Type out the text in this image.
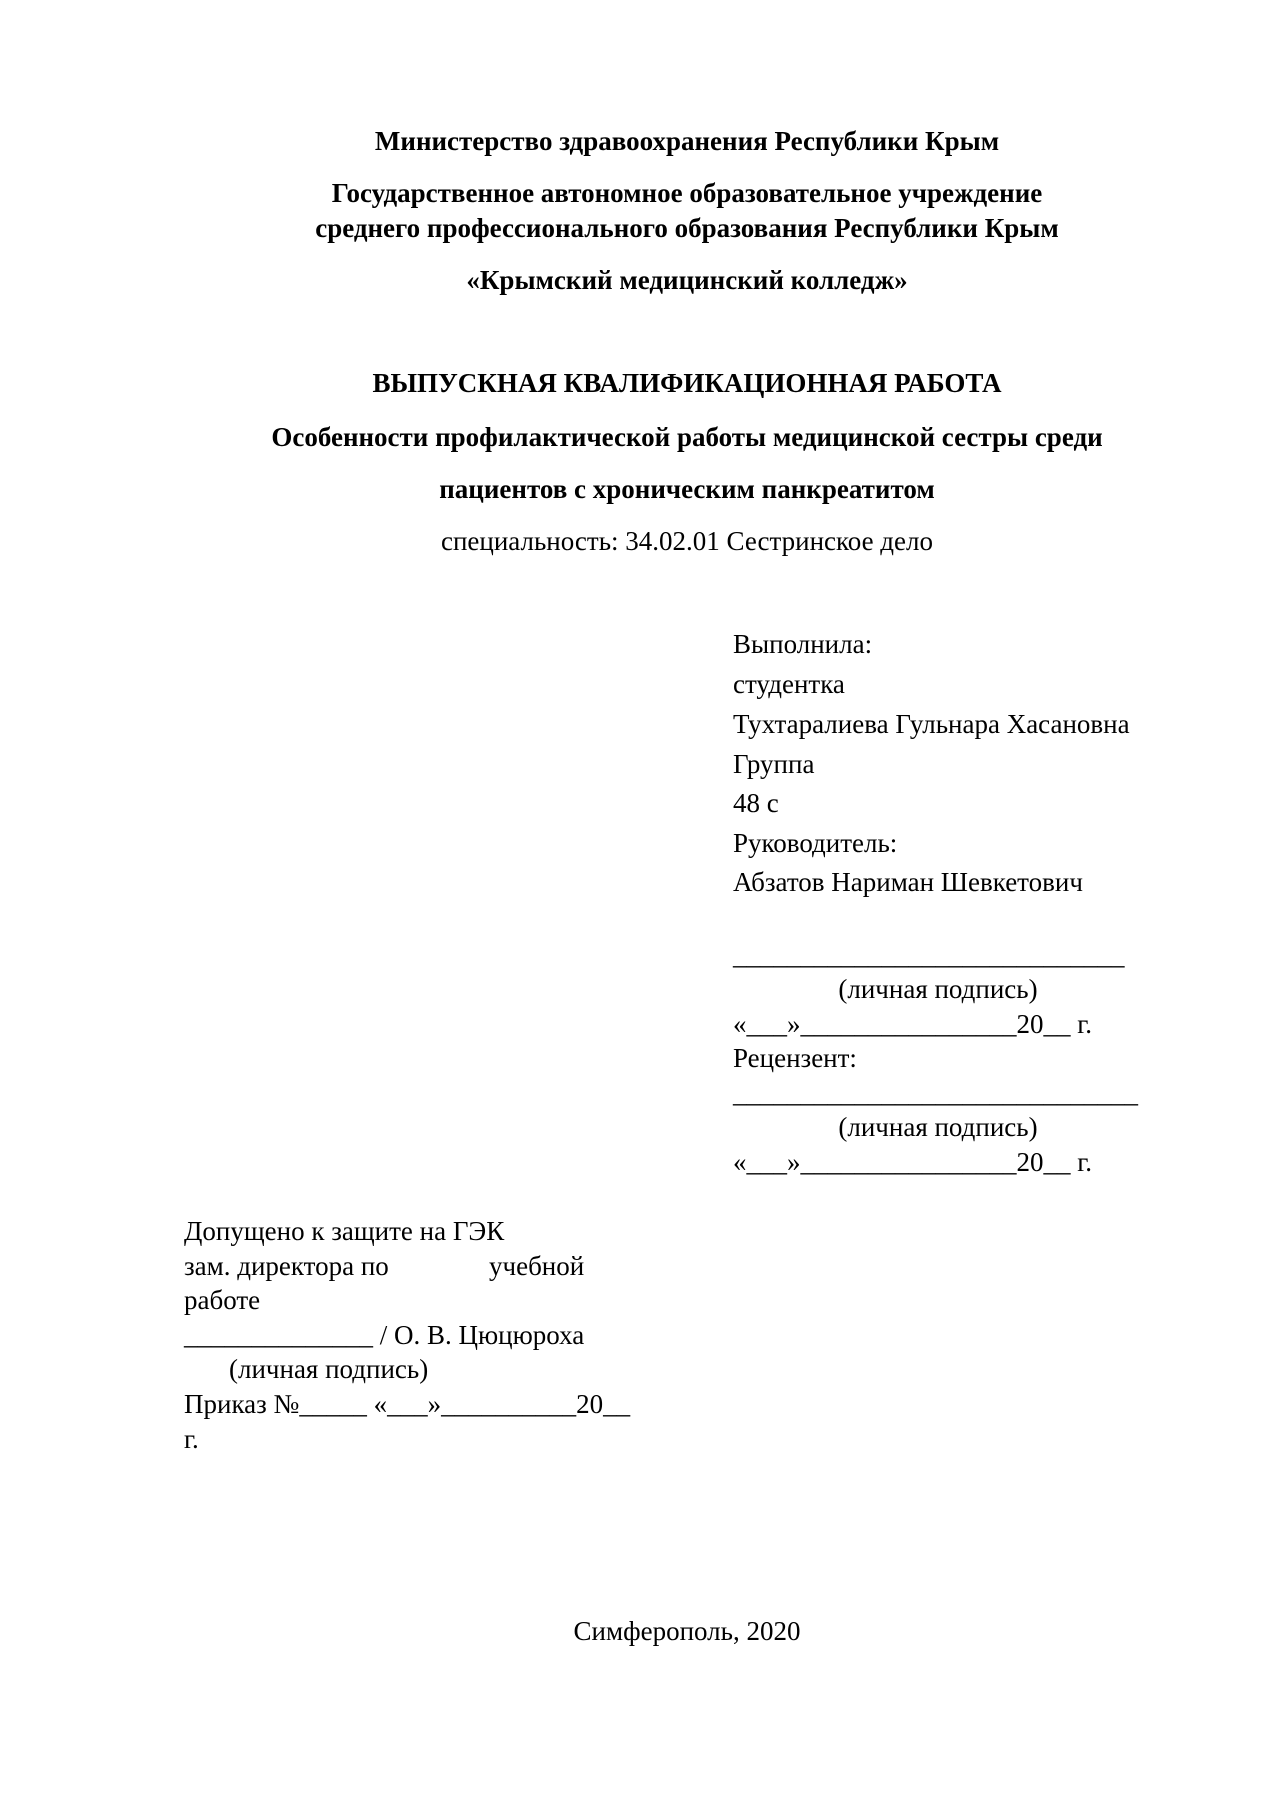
Министерство здравоохранения Республики Крым
Государственное автономное образовательное учреждение
среднего профессионального образования Республики Крым
«Крымский медицинский колледж»
ВЫПУСКНАЯ КВАЛИФИКАЦИОННАЯ РАБОТА
Особенности профилактической работы медицинской сестры среди
пациентов с хроническим панкреатитом
специальность: 34.02.01 Сестринское дело
Выполнила:
студентка
Тухтаралиева Гульнара Хасановна
Группа
48 с
Руководитель:
Абзатов Нариман Шевкетович
_____________________________
(личная подпись)
«___»________________20__ г.
Рецензент:
______________________________
(личная подпись)
«___»________________20__ г.
Допущено к защите на ГЭК
зам. директора по	учебной
работе
______________ / О. В. Цюцюроха
(личная подпись)
Приказ №_____ «___»__________20__
г.
Симферополь, 2020
